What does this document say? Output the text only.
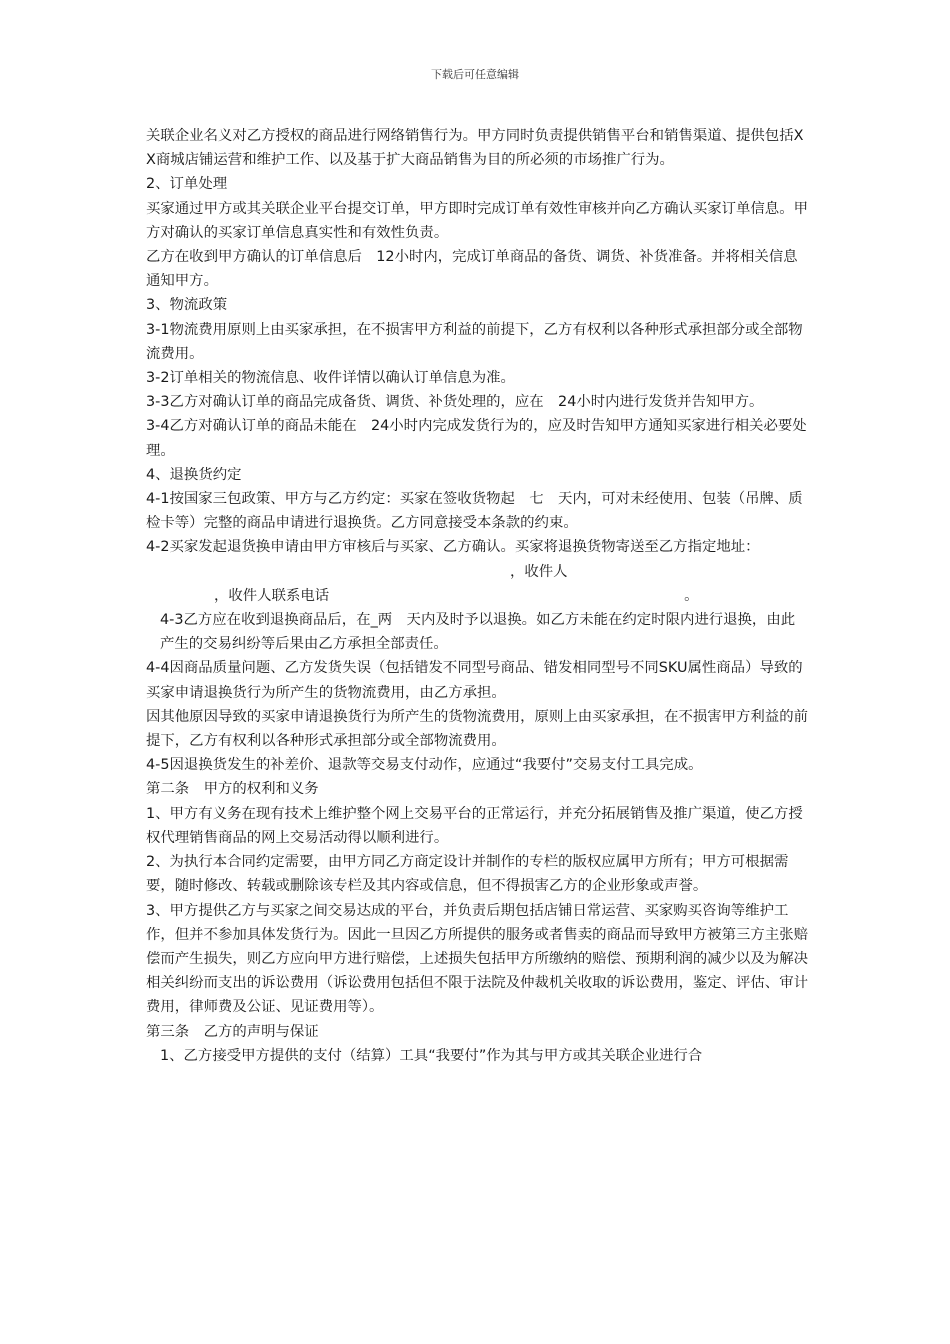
下载后可任意编辑

关联企业名义对乙方授权的商品进行网络销售行为。甲方同时负责提供销售平台和销售渠道、提供包括XX商城店铺运营和维护工作、以及基于扩大商品销售为目的所必须的市场推广行为。

2、订单处理

买家通过甲方或其关联企业平台提交订单，甲方即时完成订单有效性审核并向乙方确认买家订单信息。甲方对确认的买家订单信息真实性和有效性负责。

乙方在收到甲方确认的订单信息后　12小时内，完成订单商品的备货、调货、补货准备。并将相关信息通知甲方。

3、物流政策

3-1物流费用原则上由买家承担，在不损害甲方利益的前提下，乙方有权利以各种形式承担部分或全部物流费用。

3-2订单相关的物流信息、收件详情以确认订单信息为准。

3-3乙方对确认订单的商品完成备货、调货、补货处理的，应在　24小时内进行发货并告知甲方。

3-4乙方对确认订单的商品未能在　24小时内完成发货行为的，应及时告知甲方通知买家进行相关必要处理。

4、退换货约定

4-1按国家三包政策、甲方与乙方约定：买家在签收货物起　七　天内，可对未经使用、包装（吊牌、质检卡等）完整的商品申请进行退换货。乙方同意接受本条款的约束。

4-2买家发起退货换申请由甲方审核后与买家、乙方确认。买家将退换货物寄送至乙方指定地址：

，收件人

，收件人联系电话	。

4-3乙方应在收到退换商品后，在_两　天内及时予以退换。如乙方未能在约定时限内进行退换，由此产生的交易纠纷等后果由乙方承担全部责任。

4-4因商品质量问题、乙方发货失误（包括错发不同型号商品、错发相同型号不同SKU属性商品）导致的买家申请退换货行为所产生的货物流费用，由乙方承担。

因其他原因导致的买家申请退换货行为所产生的货物流费用，原则上由买家承担，在不损害甲方利益的前提下，乙方有权利以各种形式承担部分或全部物流费用。

4-5因退换货发生的补差价、退款等交易支付动作，应通过“我要付”交易支付工具完成。

第二条　甲方的权利和义务

1、甲方有义务在现有技术上维护整个网上交易平台的正常运行，并充分拓展销售及推广渠道，使乙方授权代理销售商品的网上交易活动得以顺利进行。

2、为执行本合同约定需要，由甲方同乙方商定设计并制作的专栏的版权应属甲方所有；甲方可根据需要，随时修改、转载或删除该专栏及其内容或信息，但不得损害乙方的企业形象或声誉。

3、甲方提供乙方与买家之间交易达成的平台，并负责后期包括店铺日常运营、买家购买咨询等维护工作，但并不参加具体发货行为。因此一旦因乙方所提供的服务或者售卖的商品而导致甲方被第三方主张赔偿而产生损失，则乙方应向甲方进行赔偿，上述损失包括甲方所缴纳的赔偿、预期利润的减少以及为解决相关纠纷而支出的诉讼费用（诉讼费用包括但不限于法院及仲裁机关收取的诉讼费用，鉴定、评估、审计费用，律师费及公证、见证费用等）。

第三条　乙方的声明与保证

1、乙方接受甲方提供的支付（结算）工具“我要付”作为其与甲方或其关联企业进行合
